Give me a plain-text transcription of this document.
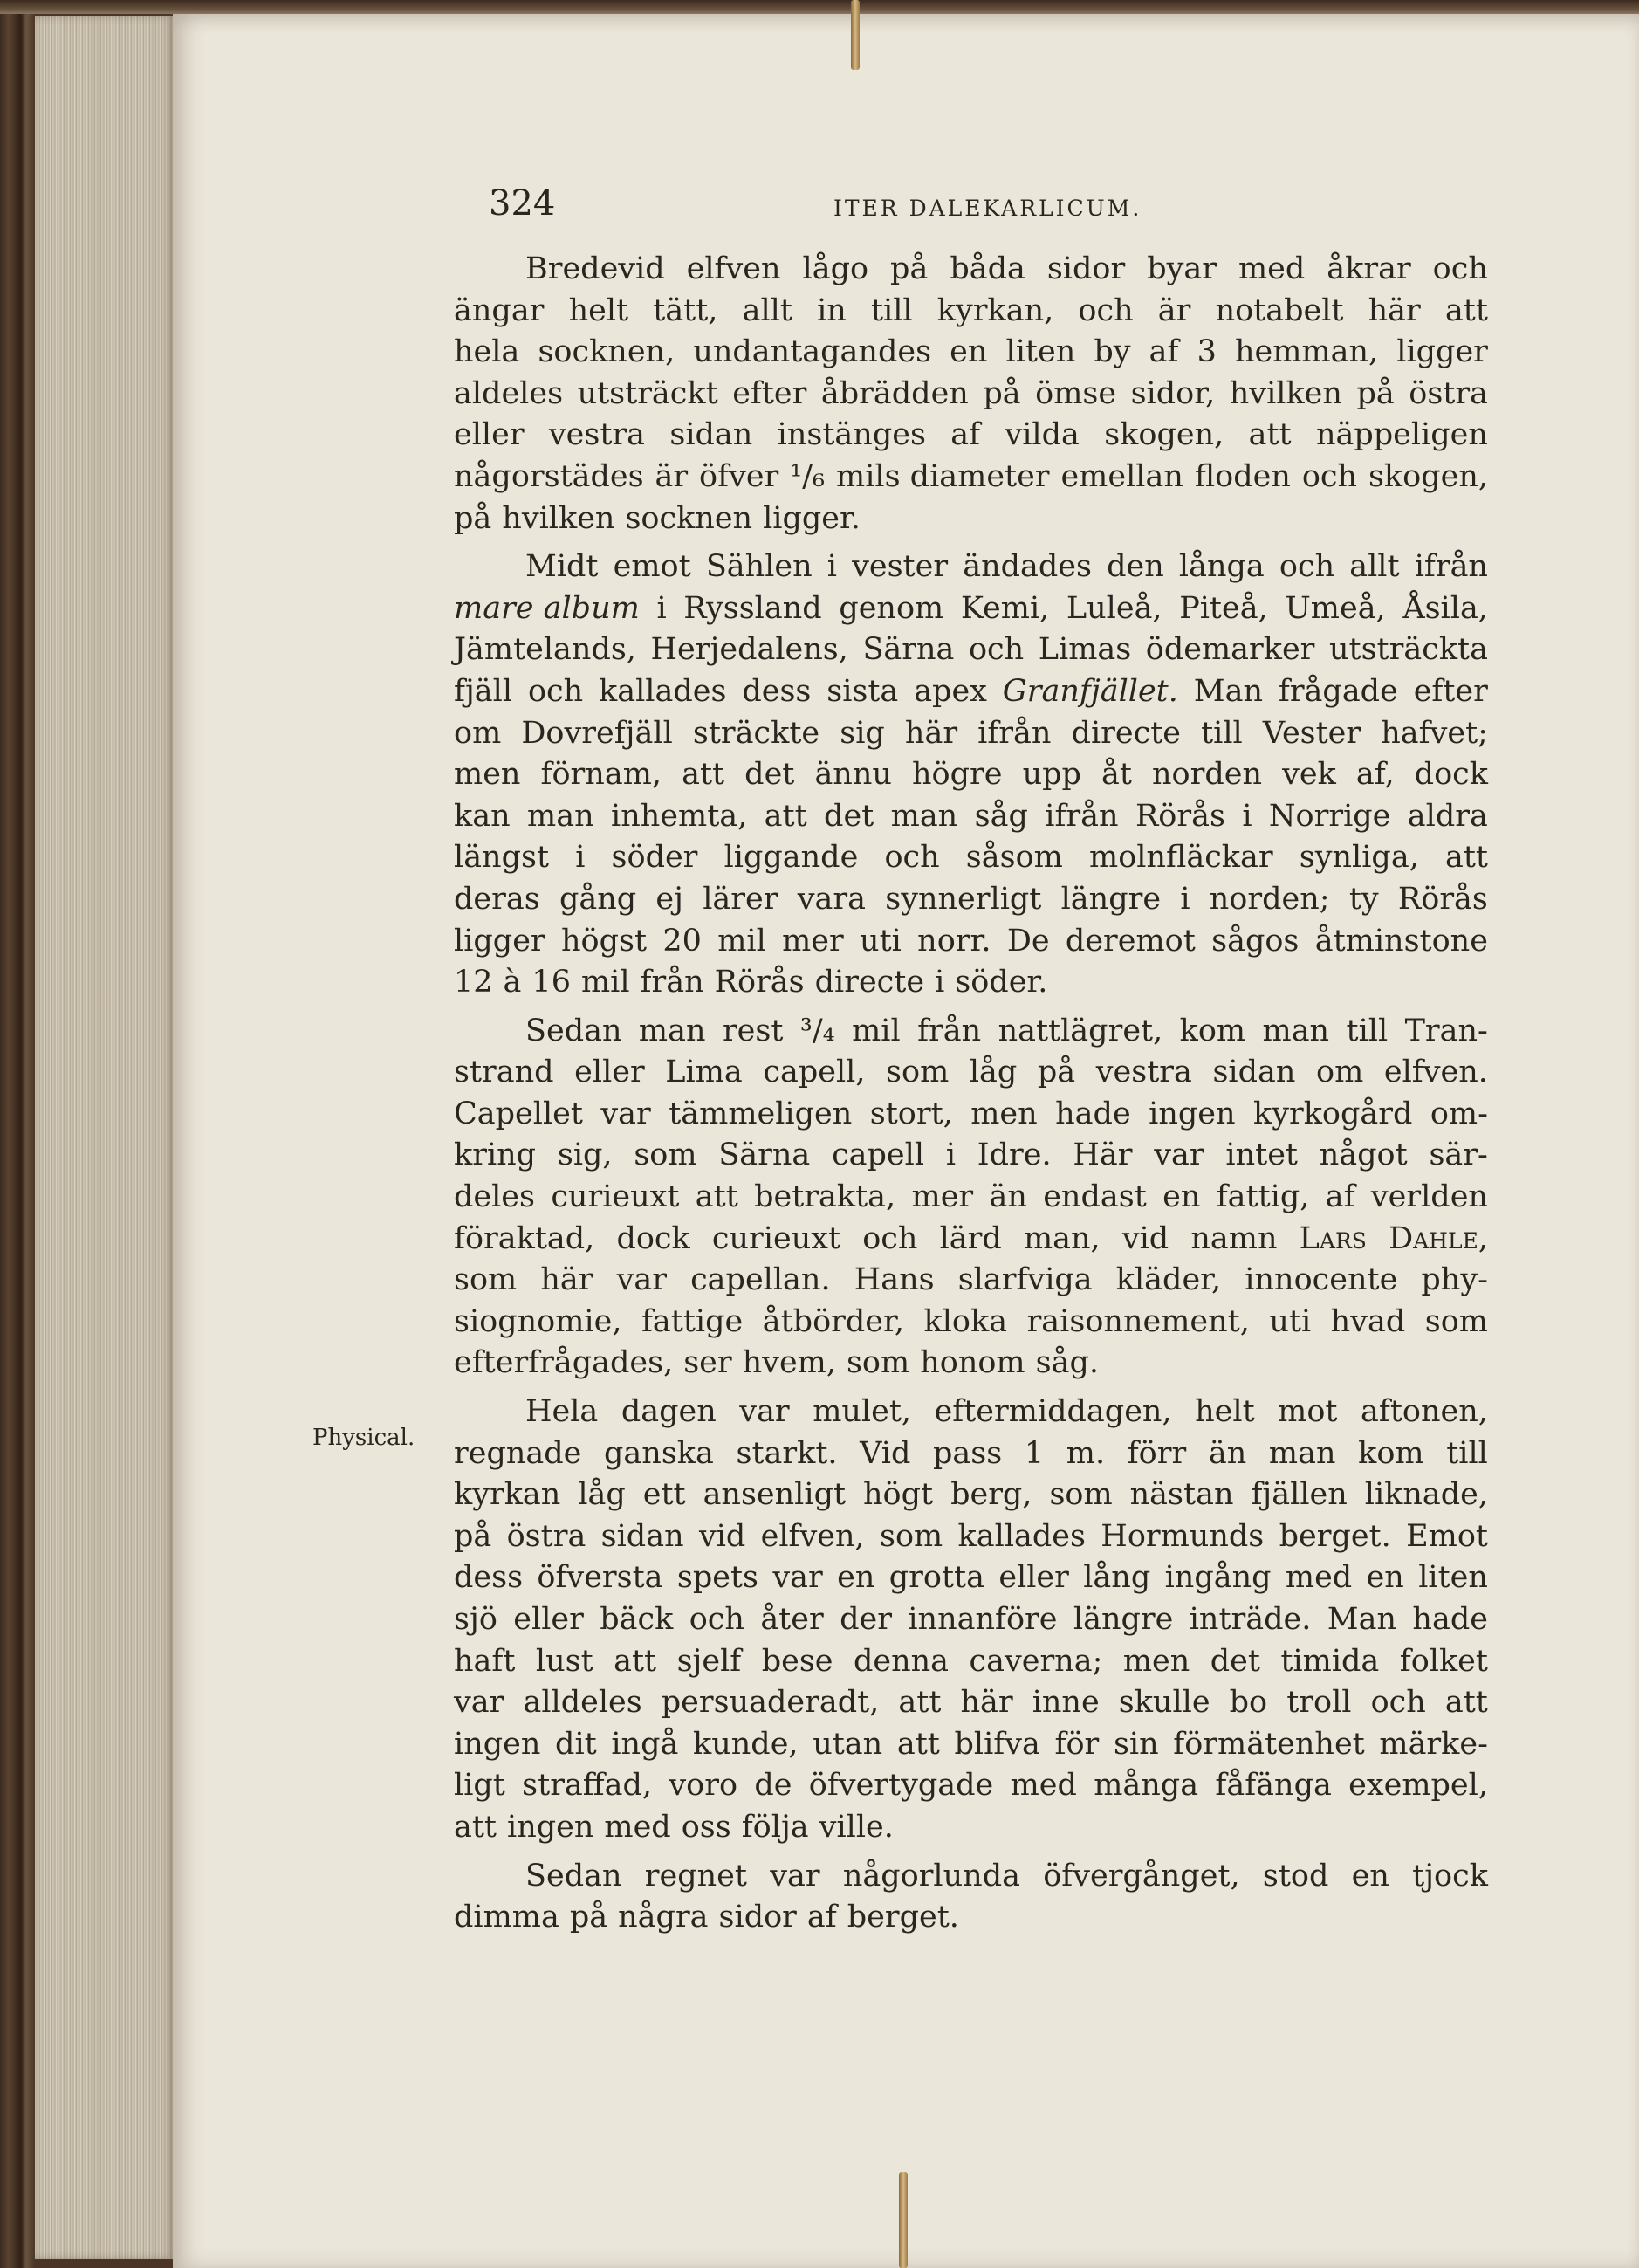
324	ITER DALEKARLICUM.
Physical.
Bredevid elfven lågo på båda sidor byar med åkrar och
ängar helt tätt, allt in till kyrkan, och är notabelt här att
hela socknen, undantagandes en liten by af 3 hemman, ligger
aldeles utsträckt efter åbrädden på ömse sidor, hvilken på östra
eller vestra sidan instänges af vilda skogen, att näppeligen
någorstädes är öfver ¹/₆ mils diameter emellan floden och skogen,
på hvilken socknen ligger.
Midt emot Sählen i vester ändades den långa och allt ifrån
mare album i Ryssland genom Kemi, Luleå, Piteå, Umeå, Åsila,
Jämtelands, Herjedalens, Särna och Limas ödemarker utsträckta
fjäll och kallades dess sista apex Granfjället. Man frågade efter
om Dovrefjäll sträckte sig här ifrån directe till Vester hafvet;
men förnam, att det ännu högre upp åt norden vek af, dock
kan man inhemta, att det man såg ifrån Rörås i Norrige aldra
längst i söder liggande och såsom molnfläckar synliga, att
deras gång ej lärer vara synnerligt längre i norden; ty Rörås
ligger högst 20 mil mer uti norr. De deremot sågos åtminstone
12 à 16 mil från Rörås directe i söder.
Sedan man rest ³/₄ mil från nattlägret, kom man till Tran-
strand eller Lima capell, som låg på vestra sidan om elfven.
Capellet var tämmeligen stort, men hade ingen kyrkogård om-
kring sig, som Särna capell i Idre. Här var intet något sär-
deles curieuxt att betrakta, mer än endast en fattig, af verlden
föraktad, dock curieuxt och lärd man, vid namn Lars Dahle,
som här var capellan. Hans slarfviga kläder, innocente phy-
siognomie, fattige åtbörder, kloka raisonnement, uti hvad som
efterfrågades, ser hvem, som honom såg.
Hela dagen var mulet, eftermiddagen, helt mot aftonen,
regnade ganska starkt. Vid pass 1 m. förr än man kom till
kyrkan låg ett ansenligt högt berg, som nästan fjällen liknade,
på östra sidan vid elfven, som kallades Hormunds berget. Emot
dess öfversta spets var en grotta eller lång ingång med en liten
sjö eller bäck och åter der innanföre längre inträde. Man hade
haft lust att sjelf bese denna caverna; men det timida folket
var alldeles persuaderadt, att här inne skulle bo troll och att
ingen dit ingå kunde, utan att blifva för sin förmätenhet märke-
ligt straffad, voro de öfvertygade med många fåfänga exempel,
att ingen med oss följa ville.
Sedan regnet var någorlunda öfvergånget, stod en tjock
dimma på några sidor af berget.
